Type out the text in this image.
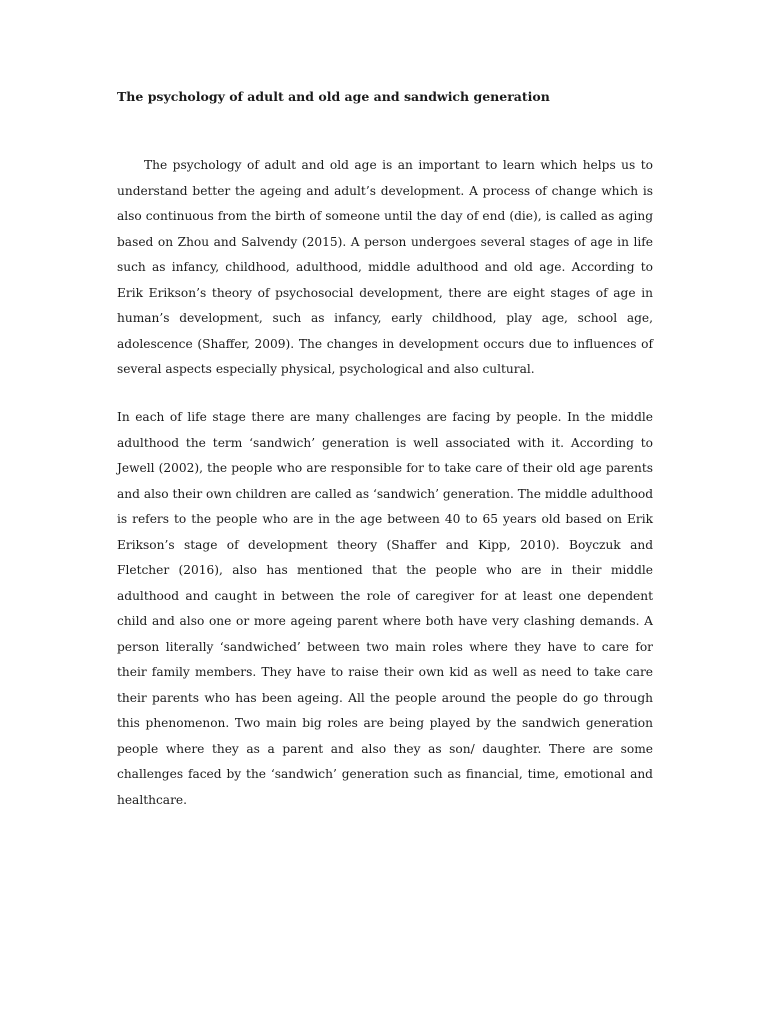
The psychology of adult and old age and sandwich generation

The psychology of adult and old age is an important to learn which helps us to understand better the ageing and adult’s development. A process of change which is also continuous from the birth of someone until the day of end (die), is called as aging based on Zhou and Salvendy (2015). A person undergoes several stages of age in life such as infancy, childhood, adulthood, middle adulthood and old age. According to Erik Erikson’s theory of psychosocial development, there are eight stages of age in human’s development, such as infancy, early childhood, play age, school age, adolescence (Shaffer, 2009). The changes in development occurs due to influences of several aspects especially physical, psychological and also cultural.

In each of life stage there are many challenges are facing by people. In the middle adulthood the term ‘sandwich’ generation is well associated with it. According to Jewell (2002), the people who are responsible for to take care of their old age parents and also their own children are called as ‘sandwich’ generation. The middle adulthood is refers to the people who are in the age between 40 to 65 years old based on Erik Erikson’s stage of development theory (Shaffer and Kipp, 2010). Boyczuk and Fletcher (2016), also has mentioned that the people who are in their middle adulthood and caught in between the role of caregiver for at least one dependent child and also one or more ageing parent where both have very clashing demands. A person literally ‘sandwiched’ between two main roles where they have to care for their family members. They have to raise their own kid as well as need to take care their parents who has been ageing. All the people around the people do go through this phenomenon. Two main big roles are being played by the sandwich generation people where they as a parent and also they as son/ daughter. There are some challenges faced by the ‘sandwich’ generation such as financial, time, emotional and healthcare.
